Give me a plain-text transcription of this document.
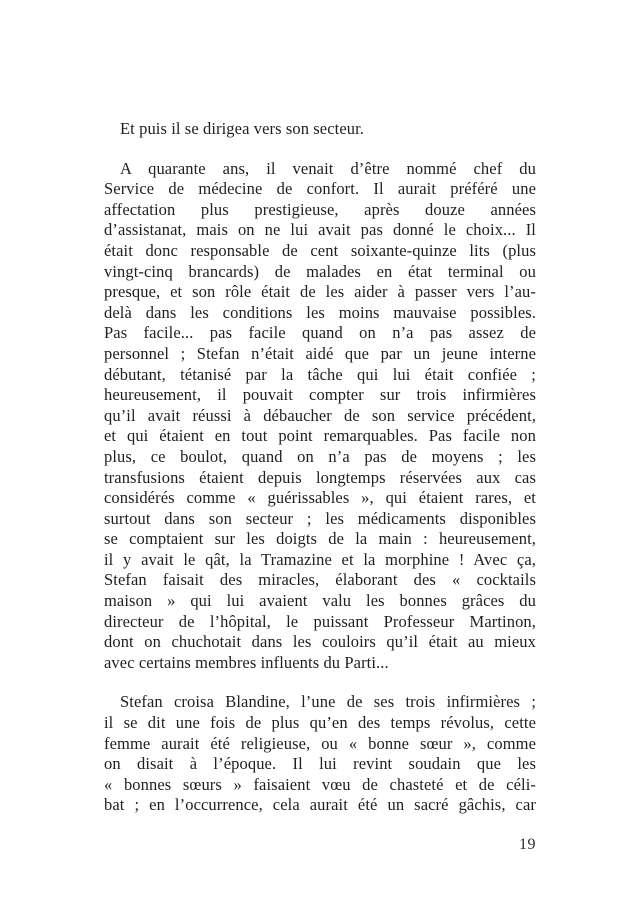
Et puis il se dirigea vers son secteur.
A quarante ans, il venait d’être nommé chef du
Service de médecine de confort. Il aurait préféré une
affectation plus prestigieuse, après douze années
d’assistanat, mais on ne lui avait pas donné le choix... Il
était donc responsable de cent soixante-quinze lits (plus
vingt-cinq brancards) de malades en état terminal ou
presque, et son rôle était de les aider à passer vers l’au-
delà dans les conditions les moins mauvaise possibles.
Pas facile... pas facile quand on n’a pas assez de
personnel ; Stefan n’était aidé que par un jeune interne
débutant, tétanisé par la tâche qui lui était confiée ;
heureusement, il pouvait compter sur trois infirmières
qu’il avait réussi à débaucher de son service précédent,
et qui étaient en tout point remarquables. Pas facile non
plus, ce boulot, quand on n’a pas de moyens ; les
transfusions étaient depuis longtemps réservées aux cas
considérés comme « guérissables », qui étaient rares, et
surtout dans son secteur ; les médicaments disponibles
se comptaient sur les doigts de la main : heureusement,
il y avait le qât, la Tramazine et la morphine ! Avec ça,
Stefan faisait des miracles, élaborant des « cocktails
maison » qui lui avaient valu les bonnes grâces du
directeur de l’hôpital, le puissant Professeur Martinon,
dont on chuchotait dans les couloirs qu’il était au mieux
avec certains membres influents du Parti...
Stefan croisa Blandine, l’une de ses trois infirmières ;
il se dit une fois de plus qu’en des temps révolus, cette
femme aurait été religieuse, ou « bonne sœur », comme
on disait à l’époque. Il lui revint soudain que les
« bonnes sœurs » faisaient vœu de chasteté et de céli-
bat ; en l’occurrence, cela aurait été un sacré gâchis, car
19
